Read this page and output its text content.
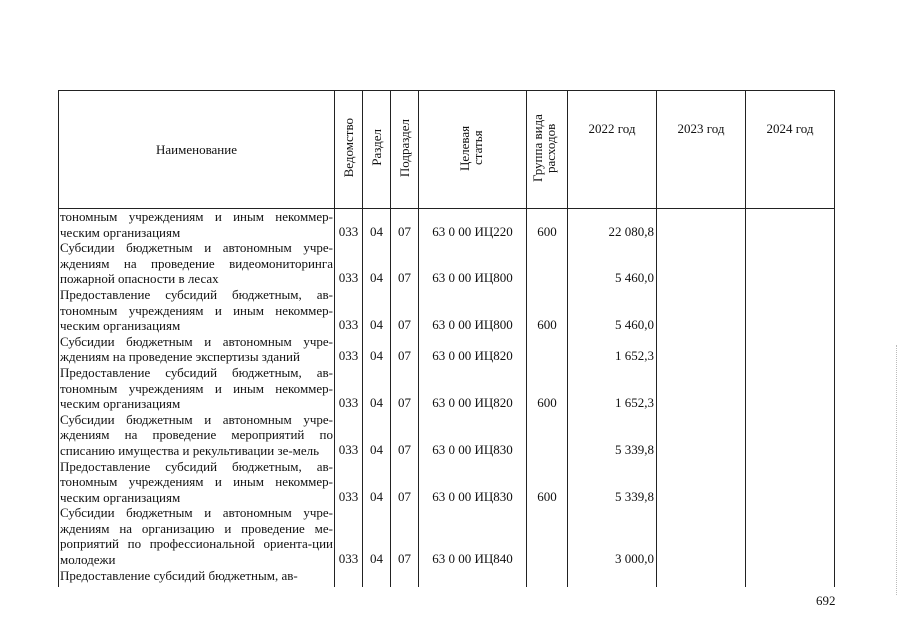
Наименование	Ведомство	Раздел	Подраздел	Целевая статья	Группа вида расходов	2022 год	2023 год	2024 год
тономным учреждениям и иным некоммер-ческим организациям	033	04	07	63 0 00 ИЦ220	600	22 080,8		
Субсидии бюджетным и автономным учре-ждениям на проведение видеомониторинга пожарной опасности в лесах	033	04	07	63 0 00 ИЦ800		5 460,0		
Предоставление субсидий бюджетным, ав-тономным учреждениям и иным некоммер-ческим организациям	033	04	07	63 0 00 ИЦ800	600	5 460,0		
Субсидии бюджетным и автономным учре-ждениям на проведение экспертизы зданий	033	04	07	63 0 00 ИЦ820		1 652,3		
Предоставление субсидий бюджетным, ав-тономным учреждениям и иным некоммер-ческим организациям	033	04	07	63 0 00 ИЦ820	600	1 652,3		
Субсидии бюджетным и автономным учре-ждениям на проведение мероприятий по списанию имущества и рекультивации зе-мель	033	04	07	63 0 00 ИЦ830		5 339,8		
Предоставление субсидий бюджетным, ав-тономным учреждениям и иным некоммер-ческим организациям	033	04	07	63 0 00 ИЦ830	600	5 339,8		
Субсидии бюджетным и автономным учре-ждениям на организацию и проведение ме-роприятий по профессиональной ориента-ции молодежи	033	04	07	63 0 00 ИЦ840		3 000,0		
Предоставление субсидий бюджетным, ав-								
692
